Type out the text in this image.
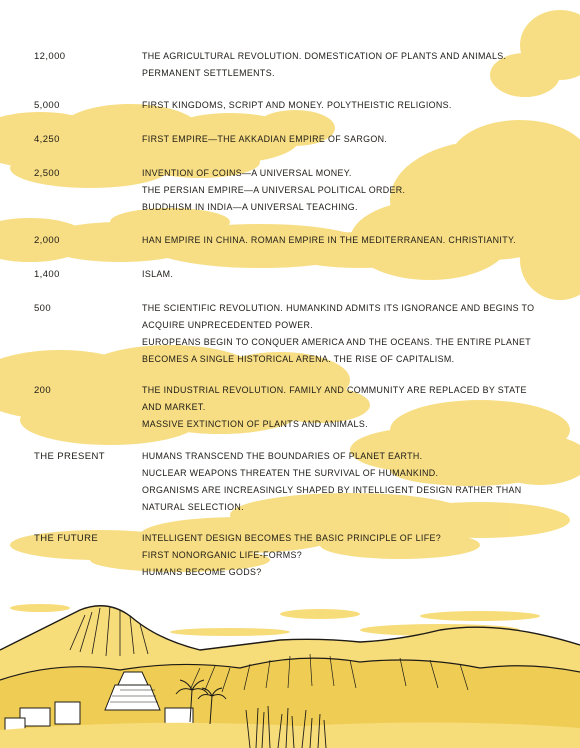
12,000	THE AGRICULTURAL REVOLUTION. DOMESTICATION OF PLANTS AND ANIMALS.
PERMANENT SETTLEMENTS.
5,000	FIRST KINGDOMS, SCRIPT AND MONEY. POLYTHEISTIC RELIGIONS.
4,250	FIRST EMPIRE—THE AKKADIAN EMPIRE OF SARGON.
2,500	INVENTION OF COINS—A UNIVERSAL MONEY.
THE PERSIAN EMPIRE—A UNIVERSAL POLITICAL ORDER.
BUDDHISM IN INDIA—A UNIVERSAL TEACHING.
2,000	HAN EMPIRE IN CHINA. ROMAN EMPIRE IN THE MEDITERRANEAN. CHRISTIANITY.
1,400	ISLAM.
500	THE SCIENTIFIC REVOLUTION. HUMANKIND ADMITS ITS IGNORANCE AND BEGINS TO
ACQUIRE UNPRECEDENTED POWER.
EUROPEANS BEGIN TO CONQUER AMERICA AND THE OCEANS. THE ENTIRE PLANET
BECOMES A SINGLE HISTORICAL ARENA. THE RISE OF CAPITALISM.
200	THE INDUSTRIAL REVOLUTION. FAMILY AND COMMUNITY ARE REPLACED BY STATE
AND MARKET.
MASSIVE EXTINCTION OF PLANTS AND ANIMALS.
THE PRESENT	HUMANS TRANSCEND THE BOUNDARIES OF PLANET EARTH.
NUCLEAR WEAPONS THREATEN THE SURVIVAL OF HUMANKIND.
ORGANISMS ARE INCREASINGLY SHAPED BY INTELLIGENT DESIGN RATHER THAN
NATURAL SELECTION.
THE FUTURE	INTELLIGENT DESIGN BECOMES THE BASIC PRINCIPLE OF LIFE?
FIRST NONORGANIC LIFE-FORMS?
HUMANS BECOME GODS?
